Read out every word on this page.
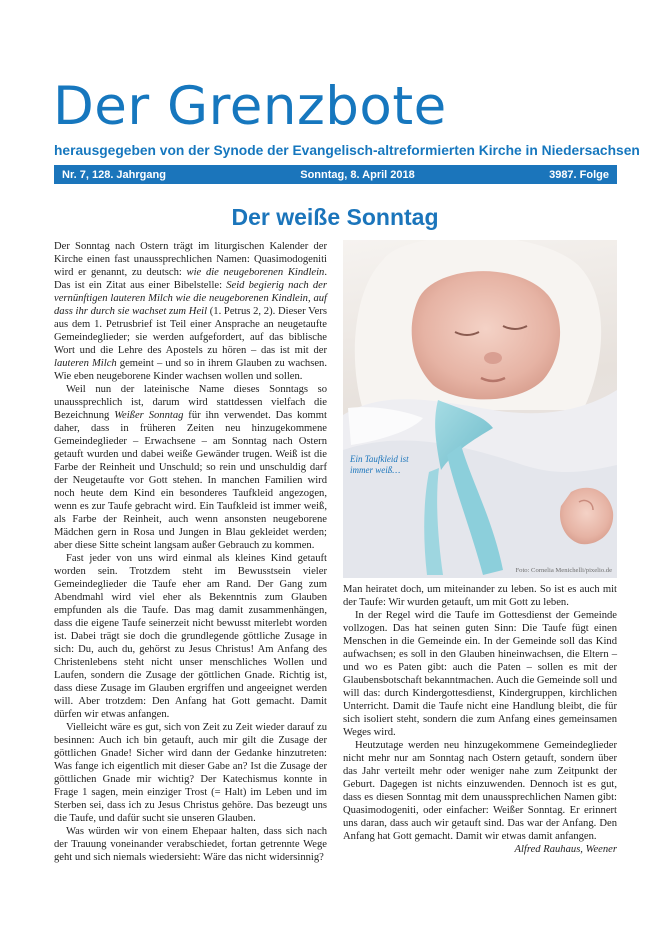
Der Grenzbote
herausgegeben von der Synode der Evangelisch-altreformierten Kirche in Niedersachsen
Nr. 7, 128. Jahrgang	Sonntag, 8. April 2018	3987. Folge
Der weiße Sonntag

Der Sonntag nach Ostern trägt im liturgischen Kalender der Kirche einen fast unaussprechlichen Namen: Quasimodogeniti wird er genannt, zu deutsch: wie die neugeborenen Kindlein. Das ist ein Zitat aus einer Bibelstelle: Seid begierig nach der vernünftigen lauteren Milch wie die neugeborenen Kindlein, auf dass ihr durch sie wachset zum Heil (1. Petrus 2, 2). Dieser Vers aus dem 1. Petrusbrief ist Teil einer Ansprache an neugetaufte Gemeindeglieder; sie werden aufgefordert, auf das biblische Wort und die Lehre des Apostels zu hören – das ist mit der lauteren Milch gemeint – und so in ihrem Glauben zu wachsen. Wie eben neugeborene Kinder wachsen wollen und sollen.

Weil nun der lateinische Name dieses Sonntags so unaussprechlich ist, darum wird stattdessen vielfach die Bezeichnung Weißer Sonntag für ihn verwendet. Das kommt daher, dass in früheren Zeiten neu hinzugekommene Gemeindeglieder – Erwachsene – am Sonntag nach Ostern getauft wurden und dabei weiße Gewänder trugen. Weiß ist die Farbe der Reinheit und Unschuld; so rein und unschuldig darf der Neugetaufte vor Gott stehen. In manchen Familien wird noch heute dem Kind ein besonderes Taufkleid angezogen, wenn es zur Taufe gebracht wird. Ein Taufkleid ist immer weiß, als Farbe der Reinheit, auch wenn ansonsten neugeborene Mädchen gern in Rosa und Jungen in Blau gekleidet werden; aber diese Sitte scheint langsam außer Gebrauch zu kommen.

Fast jeder von uns wird einmal als kleines Kind getauft worden sein. Trotzdem steht im Bewusstsein vieler Gemeindeglieder die Taufe eher am Rand. Der Gang zum Abendmahl wird viel eher als Bekenntnis zum Glauben empfunden als die Taufe. Das mag damit zusammenhängen, dass die eigene Taufe seinerzeit nicht bewusst miterlebt worden ist. Dabei trägt sie doch die grundlegende göttliche Zusage in sich: Du, auch du, gehörst zu Jesus Christus! Am Anfang des Christenlebens steht nicht unser menschliches Wollen und Laufen, sondern die Zusage der göttlichen Gnade. Richtig ist, dass diese Zusage im Glauben ergriffen und angeeignet werden will. Aber trotzdem: Den Anfang hat Gott gemacht. Damit dürfen wir etwas anfangen.

Vielleicht wäre es gut, sich von Zeit zu Zeit wieder darauf zu besinnen: Auch ich bin getauft, auch mir gilt die Zusage der göttlichen Gnade! Sicher wird dann der Gedanke hinzutreten: Was fange ich eigentlich mit dieser Gabe an? Ist die Zusage der göttlichen Gnade mir wichtig? Der Katechismus konnte in Frage 1 sagen, mein einziger Trost (= Halt) im Leben und im Sterben sei, dass ich zu Jesus Christus gehöre. Das bezeugt uns die Taufe, und dafür sucht sie unseren Glauben.

Was würden wir von einem Ehepaar halten, dass sich nach der Trauung voneinander verabschiedet, fortan getrennte Wege geht und sich niemals wiedersieht: Wäre das nicht widersinnig?

Ein Taufkleid ist immer weiß…
Foto: Cornelia Menichelli/pixelio.de

Man heiratet doch, um miteinander zu leben. So ist es auch mit der Taufe: Wir wurden getauft, um mit Gott zu leben.

In der Regel wird die Taufe im Gottesdienst der Gemeinde vollzogen. Das hat seinen guten Sinn: Die Taufe fügt einen Menschen in die Gemeinde ein. In der Gemeinde soll das Kind aufwachsen; es soll in den Glauben hineinwachsen, die Eltern – und wo es Paten gibt: auch die Paten – sollen es mit der Glaubensbotschaft bekanntmachen. Auch die Gemeinde soll und will das: durch Kindergottesdienst, Kindergruppen, kirchlichen Unterricht. Damit die Taufe nicht eine Handlung bleibt, die für sich isoliert steht, sondern die zum Anfang eines gemeinsamen Weges wird.

Heutzutage werden neu hinzugekommene Gemeindeglieder nicht mehr nur am Sonntag nach Ostern getauft, sondern über das Jahr verteilt mehr oder weniger nahe zum Zeitpunkt der Geburt. Dagegen ist nichts einzuwenden. Dennoch ist es gut, dass es diesen Sonntag mit dem unaussprechlichen Namen gibt: Quasimodogeniti, oder einfacher: Weißer Sonntag. Er erinnert uns daran, dass auch wir getauft sind. Das war der Anfang. Den Anfang hat Gott gemacht. Damit wir etwas damit anfangen.

Alfred Rauhaus, Weener
